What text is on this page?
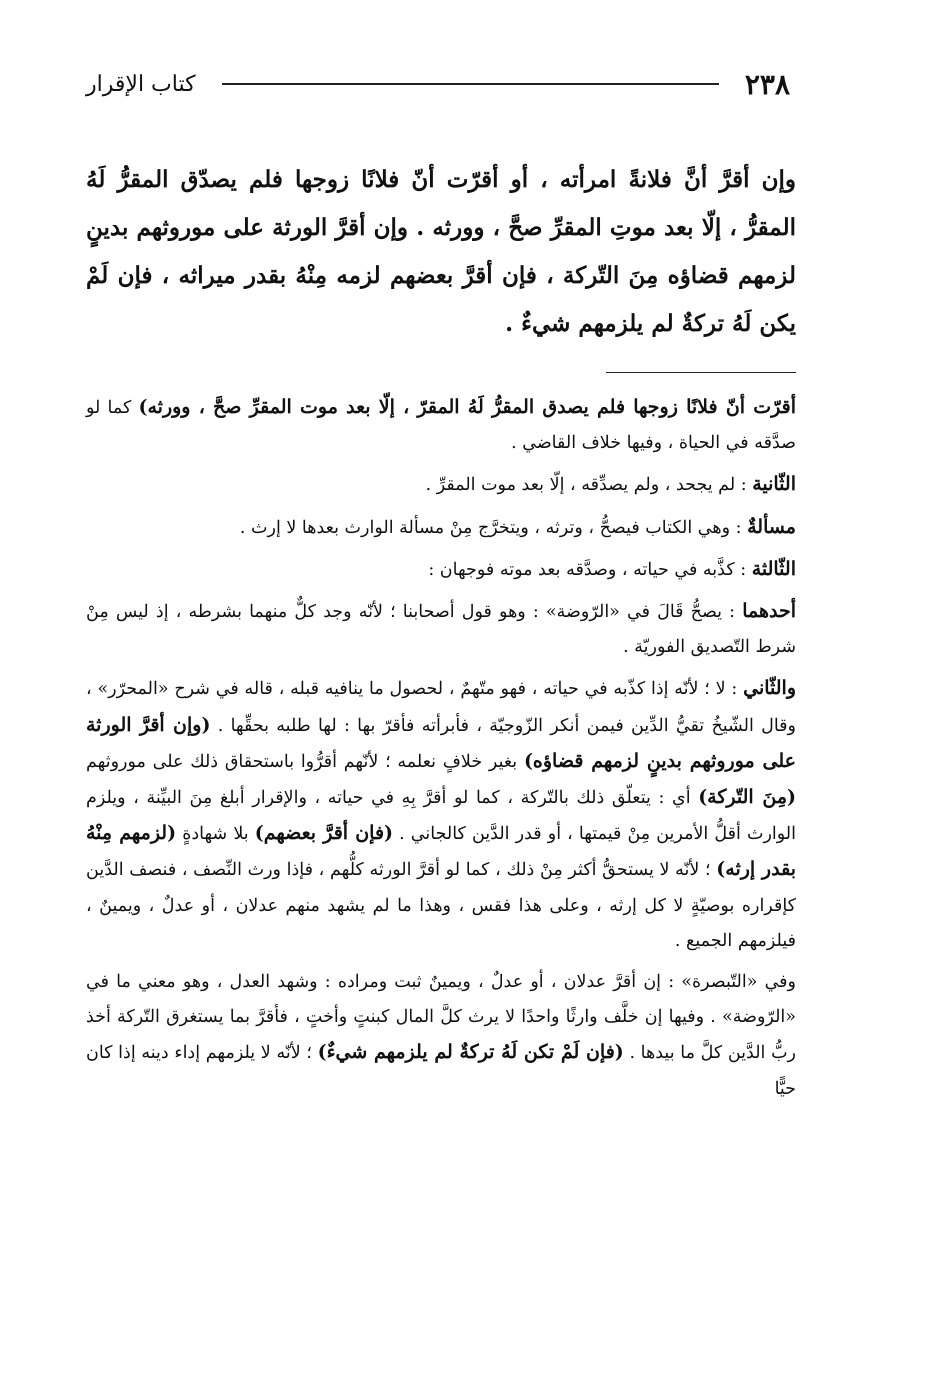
٢٣٨
كتاب الإقرار
وإن أقرَّ أنَّ فلانةً امرأته ، أو أقرّت أنّ فلانًا زوجها فلم يصدّق المقرُّ لَهُ المقرُّ ، إلّا بعد موتِ المقرِّ صحَّ ، وورثه . وإن أقرَّ الورثة على موروثهم بدينٍ لزمهم قضاؤه مِنَ التّركة ، فإن أقرَّ بعضهم لزمه مِنْهُ بقدر ميراثه ، فإن لَمْ يكن لَهُ تركةٌ لم يلزمهم شيءٌ .

أقرّت أنّ فلانًا زوجها فلم يصدق المقرُّ لَهُ المقرّ ، إلّا بعد موت المقرِّ صحَّ ، وورثه) كما لو صدَّقه في الحياة ، وفيها خلاف القاضي .

الثّانية : لم يجحد ، ولم يصدِّقه ، إلّا بعد موت المقرِّ .

مسألةٌ : وهي الكتاب فيصحُّ ، وترثه ، ويتخرَّج مِنْ مسألة الوارث بعدها لا إرث .

الثّالثة : كذَّبه في حياته ، وصدَّقه بعد موته فوجهان :

أحدهما : يصحُّ قَالَ في «الرّوضة» : وهو قول أصحابنا ؛ لأنّه وجد كلٌّ منهما بشرطه ، إذ ليس مِنْ شرط التّصديق الفوريّة .

والثّاني : لا ؛ لأنّه إذا كذّبه في حياته ، فهو متّهمٌ ، لحصول ما ينافيه قبله ، قاله في شرح «المحرّر» ، وقال الشّيخُ تقيُّ الدِّين فيمن أنكر الزّوجيّة ، فأبرأته فأقرّ بها : لها طلبه بحقِّها . (وإن أقرَّ الورثة على موروثهم بدينٍ لزمهم قضاؤه) بغير خلافٍ نعلمه ؛ لأنّهم أقرُّوا باستحقاق ذلك على موروثهم (مِنَ التّركة) أي : يتعلّق ذلك بالتّركة ، كما لو أقرَّ بِهِ في حياته ، والإقرار أبلغ مِنَ البيِّنة ، ويلزم الوارث أقلُّ الأمرين مِنْ قيمتها ، أو قدر الدَّين كالجاني . (فإن أقرَّ بعضهم) بلا شهادةٍ (لزمهم مِنْهُ بقدر إرثه) ؛ لأنّه لا يستحقُّ أكثر مِنْ ذلك ، كما لو أقرَّ الورثه كلُّهم ، فإذا ورث النِّصف ، فنصف الدَّين كإقراره بوصيّةٍ لا كل إرثه ، وعلى هذا فقس ، وهذا ما لم يشهد منهم عدلان ، أو عدلٌ ، ويمينٌ ، فيلزمهم الجميع .

وفي «التّبصرة» : إن أقرَّ عدلان ، أو عدلٌ ، ويمينٌ ثبت ومراده : وشهد العدل ، وهو معني ما في «الرّوضة» . وفيها إن خلَّف وارثًا واحدًا لا يرث كلَّ المال كبنتٍ وأختٍ ، فأقرَّ بما يستغرق التّركة أخذ ربُّ الدَّين كلَّ ما بيدها . (فإن لَمْ تكن لَهُ تركةٌ لم يلزمهم شيءٌ) ؛ لأنّه لا يلزمهم إداء دينه إذا كان حيًّا
